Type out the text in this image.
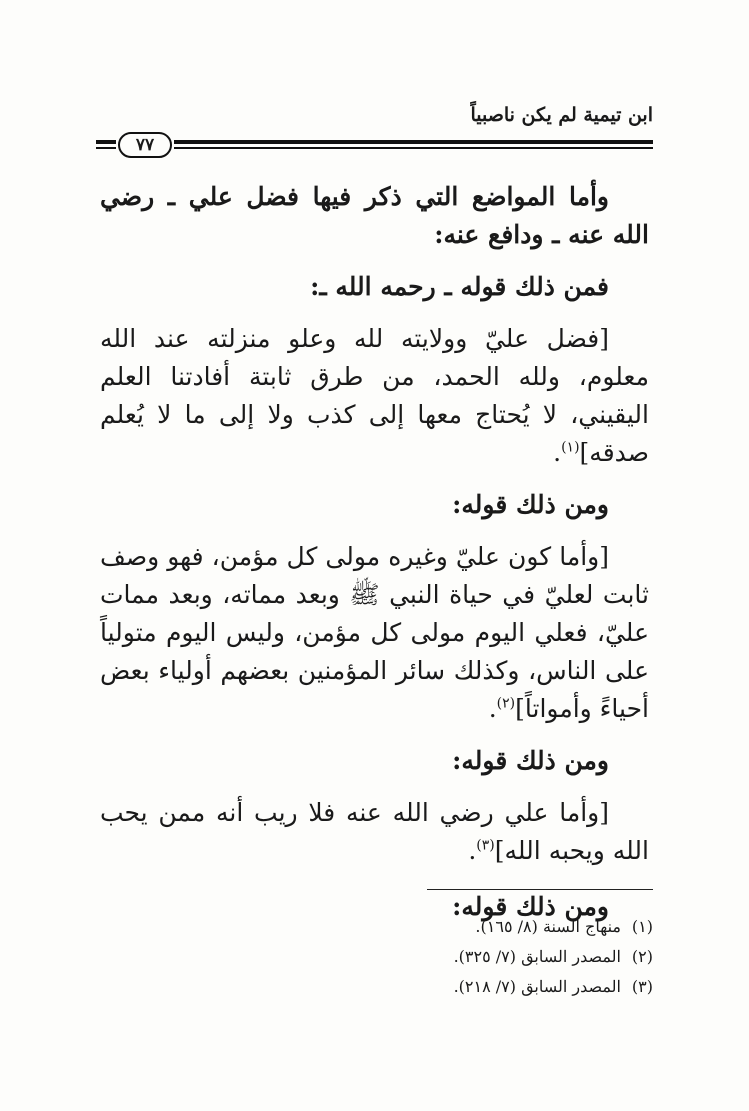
ابن تيمية لم يكن ناصبياً
٧٧

وأما المواضع التي ذكر فيها فضل علي ـ رضي الله عنه ـ ودافع عنه:

فمن ذلك قوله ـ رحمه الله ـ:

[فضل عليّ وولايته لله وعلو منزلته عند الله معلوم، ولله الحمد، من طرق ثابتة أفادتنا العلم اليقيني، لا يُحتاج معها إلى كذب ولا إلى ما لا يُعلم صدقه]$^{(١)}$.

ومن ذلك قوله:

[وأما كون عليّ وغيره مولى كل مؤمن، فهو وصف ثابت لعليّ في حياة النبي ﷺ وبعد مماته، وبعد ممات عليّ، فعلي اليوم مولى كل مؤمن، وليس اليوم متولياً على الناس، وكذلك سائر المؤمنين بعضهم أولياء بعض أحياءً وأمواتاً]$^{(٢)}$.

ومن ذلك قوله:

[وأما علي رضي الله عنه فلا ريب أنه ممن يحب الله ويحبه الله]$^{(٣)}$.

ومن ذلك قوله:

(١)منهاج السنة (٨/ ١٦٥).
(٢)المصدر السابق (٧/ ٣٢٥).
(٣)المصدر السابق (٧/ ٢١٨).
